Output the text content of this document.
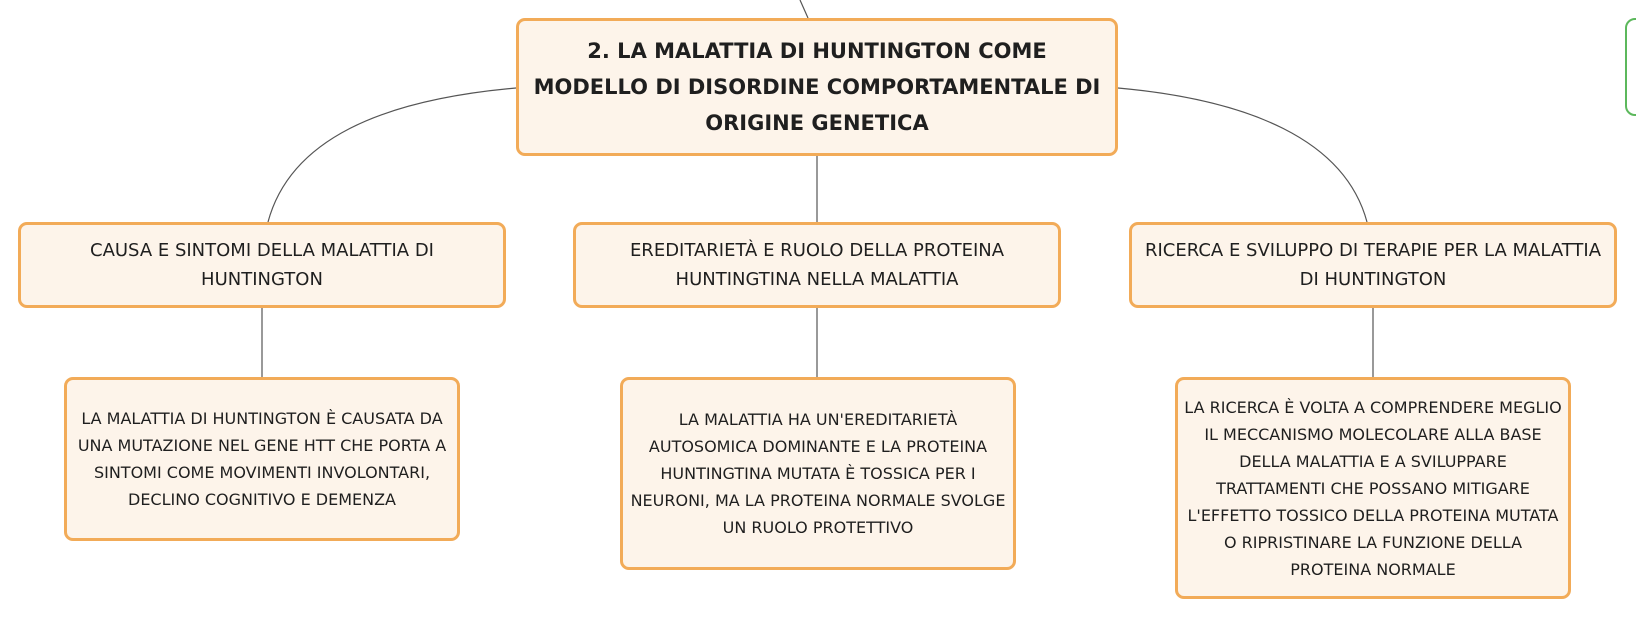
2. LA MALATTIA DI HUNTINGTON COME MODELLO DI DISORDINE COMPORTAMENTALE DI ORIGINE GENETICA
CAUSA E SINTOMI DELLA MALATTIA DI HUNTINGTON
EREDITARIETÀ E RUOLO DELLA PROTEINA HUNTINGTINA NELLA MALATTIA
RICERCA E SVILUPPO DI TERAPIE PER LA MALATTIA DI HUNTINGTON
LA MALATTIA DI HUNTINGTON È CAUSATA DA UNA MUTAZIONE NEL GENE HTT CHE PORTA A SINTOMI COME MOVIMENTI INVOLONTARI, DECLINO COGNITIVO E DEMENZA
LA MALATTIA HA UN'EREDITARIETÀ AUTOSOMICA DOMINANTE E LA PROTEINA HUNTINGTINA MUTATA È TOSSICA PER I NEURONI, MA LA PROTEINA NORMALE SVOLGE UN RUOLO PROTETTIVO
LA RICERCA È VOLTA A COMPRENDERE MEGLIO IL MECCANISMO MOLECOLARE ALLA BASE DELLA MALATTIA E A SVILUPPARE TRATTAMENTI CHE POSSANO MITIGARE L'EFFETTO TOSSICO DELLA PROTEINA MUTATA O RIPRISTINARE LA FUNZIONE DELLA PROTEINA NORMALE
